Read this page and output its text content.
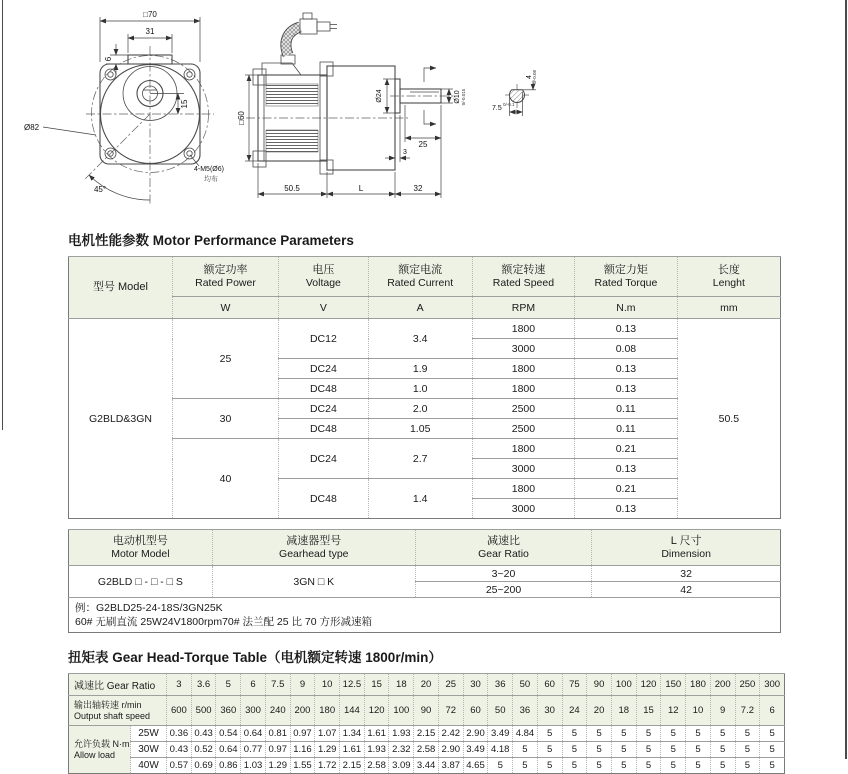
□70
31
6
15
Ø82
4-M5(Ø6)
均布
45°
□60
Ø24	Ø10 0/-0.015
25
3
50.5	L	32
4 0/-0.08
7.5
0/-0.1
电机性能参数 Motor Performance Parameters
型号 Model	
额定功率
Rated Power

电压
Voltage

额定电流
Rated Current

额定转速
Rated Speed

额定力矩
Rated Torque

长度
Lenght

	W	V	A	RPM	N.m	mm
G2BLD&3GN	25	DC12	3.4	1800	0.13	50.5
				3000	0.08	
		DC24	1.9	1800	0.13	
		DC48	1.0	1800	0.13	
	30	DC24	2.0	2500	0.11	
		DC48	1.05	2500	0.11	
	40	DC24	2.7	1800	0.21	
				3000	0.13	
		DC48	1.4	1800	0.21	
				3000	0.13	
电动机型号
Motor Model

减速器型号
Gearhead type

减速比
Gear Ratio

L 尺寸
Dimension

G2BLD □ - □ - □ S	3GN □ K	3~20	32
		25~200	42

例：G2BLD25-24-18S/3GN25K
60# 无刷直流 25W24V1800rpm70# 法兰配 25 比 70 方形减速箱			
扭矩表 Gear Head-Torque Table（电机额定转速 1800r/min）
减速比 Gear Ratio		3	3.6	5	6	7.5	9	10	12.5	15	18	20	25	30	36	50	60	75	90	100	120	150	180	200	250	300

输出轴转速 r/min
Output shaft speed		600	500	360	300	240	200	180	144	120	100	90	72	60	50	36	30	24	20	18	15	12	10	9	7.2	6

允许负载 N·m
Allow load	25W	0.36	0.43	0.54	0.64	0.81	0.97	1.07	1.34	1.61	1.93	2.15	2.42	2.90	3.49	4.84	5	5	5	5	5	5	5	5	5	5
	30W	0.43	0.52	0.64	0.77	0.97	1.16	1.29	1.61	1.93	2.32	2.58	2.90	3.49	4.18	5	5	5	5	5	5	5	5	5	5	5
	40W	0.57	0.69	0.86	1.03	1.29	1.55	1.72	2.15	2.58	3.09	3.44	3.87	4.65	5	5	5	5	5	5	5	5	5	5	5	5
